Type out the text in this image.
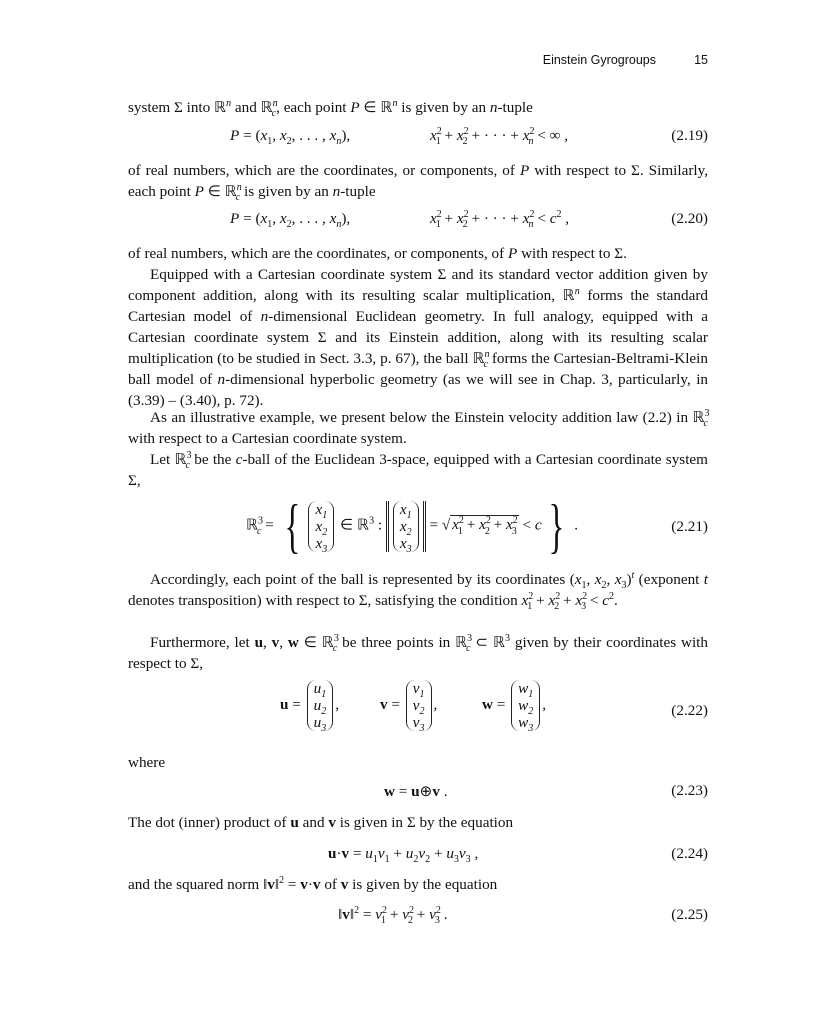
Einstein Gyrogroups	15
system Σ into ℝ$^n$ and ℝ$^n_c$, each point P ∈ ℝ$^n$ is given by an n-tuple
$P = (x_1$, $x_2$, . . . , $x_n$),	$x^2_1 + x^2_2$ + · · · + $x^2_n$ < ∞ ,	(2.19)
of real numbers, which are the coordinates, or components, of P with respect to Σ. Similarly, each point P ∈ ℝ$^n_c$ is given by an n-tuple
$P = (x_1$, $x_2$, . . . , $x_n$),	$x^2_1 + x^2_2$ + · · · + $x^2_n < c^2$ ,	(2.20)
of real numbers, which are the coordinates, or components, of P with respect to Σ.
Equipped with a Cartesian coordinate system Σ and its standard vector addition given by component addition, along with its resulting scalar multiplication, ℝ$^n$ forms the standard Cartesian model of n-dimensional Euclidean geometry. In full analogy, equipped with a Cartesian coordinate system Σ and its Einstein addition, along with its resulting scalar multiplication (to be studied in Sect. 3.3, p. 67), the ball ℝ$^n_c$ forms the Cartesian-Beltrami-Klein ball model of n-dimensional hyperbolic geometry (as we will see in Chap. 3, particularly, in (3.39) – (3.40), p. 72).
As an illustrative example, we present below the Einstein velocity addition law (2.2) in ℝ$^3_c$ with respect to a Cartesian coordinate system.
Let ℝ$^3_c$ be the c-ball of the Euclidean 3-space, equipped with a Cartesian coordinate system Σ,
ℝ$^3_c$ = { $x_1$
$x_2$
$x_3$ ∈ ℝ$^3$ : $x_1$
$x_2$
$x_3$ = √ $x^2_1 + x^2_2 + x^2_3 < c$ } .	(2.21)
Accordingly, each point of the ball is represented by its coordinates ($x_1$, $x_2$, $x_3)^t$ (exponent t denotes transposition) with respect to Σ, satisfying the condition $x^2_1 + x^2_2 + x^2_3 < c^2$.
Furthermore, let u, v, w ∈ ℝ$^3_c$ be three points in ℝ$^3_c$ ⊂ ℝ$^3$ given by their coordinates with respect to Σ,
$u = u_1$
$u_2$
$u_3$,	$v = v_1$
$v_2$
$v_3$,	$w = w_1$
$w_2$
$w_3$,	(2.22)
where
w = u⊕v .	(2.23)
The dot (inner) product of u and v is given in Σ by the equation
$u\cdot v = u_1v_1 + u_2v_2 + u_3v_3$ ,	(2.24)
and the squared norm ‖v‖$^2$ = v·v of v is given by the equation
‖v‖$^2$ = $v^2_1 + v^2_2 + v^2_3$ .	(2.25)
